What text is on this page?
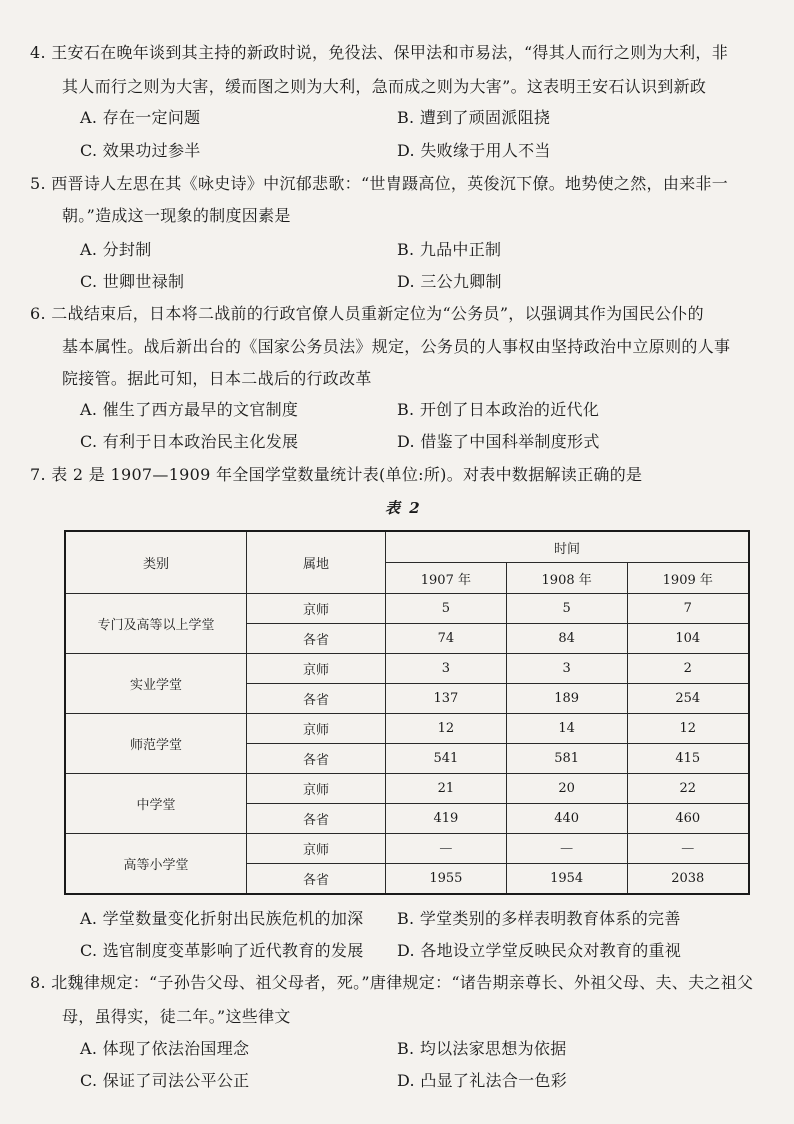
4. 王安石在晚年谈到其主持的新政时说，免役法、保甲法和市易法，“得其人而行之则为大利，非
其人而行之则为大害，缓而图之则为大利，急而成之则为大害”。这表明王安石认识到新政
A. 存在一定问题	B. 遭到了顽固派阻挠
C. 效果功过参半	D. 失败缘于用人不当
5. 西晋诗人左思在其《咏史诗》中沉郁悲歌：“世胄蹑高位，英俊沉下僚。地势使之然，由来非一
朝。”造成这一现象的制度因素是
A. 分封制	B. 九品中正制
C. 世卿世禄制	D. 三公九卿制
6. 二战结束后，日本将二战前的行政官僚人员重新定位为“公务员”，以强调其作为国民公仆的
基本属性。战后新出台的《国家公务员法》规定，公务员的人事权由坚持政治中立原则的人事
院接管。据此可知，日本二战后的行政改革
A. 催生了西方最早的文官制度	B. 开创了日本政治的近代化
C. 有利于日本政治民主化发展	D. 借鉴了中国科举制度形式
7. 表 2 是 1907—1909 年全国学堂数量统计表(单位:所)。对表中数据解读正确的是
表 2
类别	属地	时间		
		1907 年	1908 年	1909 年
专门及高等以上学堂	京师	5	5	7
	各省	74	84	104
实业学堂	京师	3	3	2
	各省	137	189	254
师范学堂	京师	12	14	12
	各省	541	581	415
中学堂	京师	21	20	22
	各省	419	440	460
高等小学堂	京师	—	—	—
	各省	1955	1954	2038
A. 学堂数量变化折射出民族危机的加深 B. 学堂类别的多样表明教育体系的完善
C. 选官制度变革影响了近代教育的发展 D. 各地设立学堂反映民众对教育的重视
8. 北魏律规定：“子孙告父母、祖父母者，死。”唐律规定：“诸告期亲尊长、外祖父母、夫、夫之祖父
母，虽得实，徒二年。”这些律文
A. 体现了依法治国理念	B. 均以法家思想为依据
C. 保证了司法公平公正	D. 凸显了礼法合一色彩
